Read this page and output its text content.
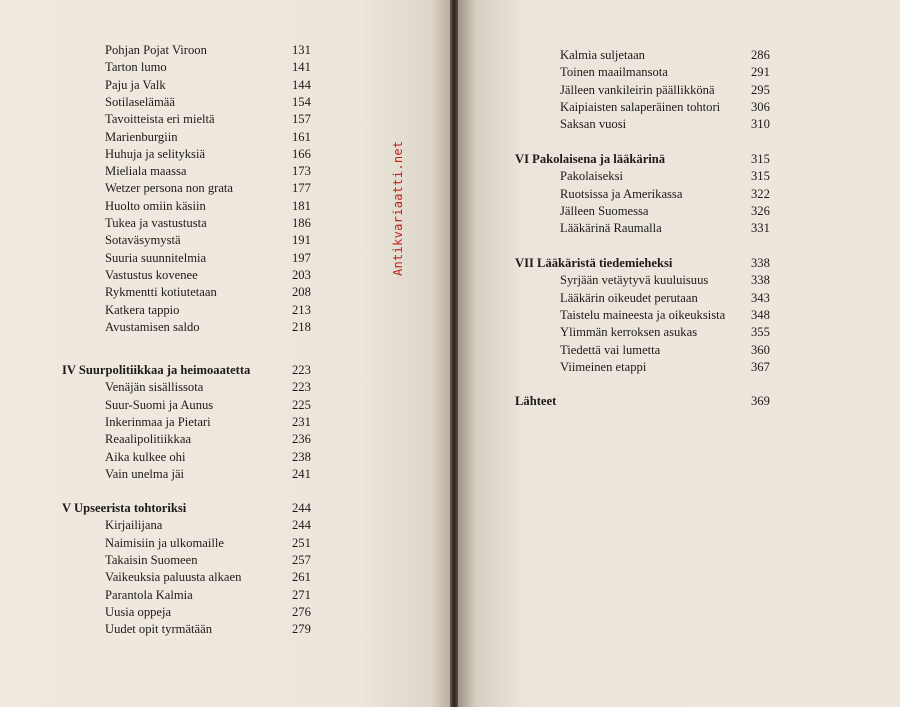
Pohjan Pojat Viroon	131
Tarton lumo	141
Paju ja Valk	144
Sotilaselämää	154
Tavoitteista eri mieltä	157
Marienburgiin	161
Huhuja ja selityksiä	166
Mieliala maassa	173
Wetzer persona non grata	177
Huolto omiin käsiin	181
Tukea ja vastustusta	186
Sotaväsymystä	191
Suuria suunnitelmia	197
Vastustus kovenee	203
Rykmentti kotiutetaan	208
Katkera tappio	213
Avustamisen saldo	218
IV Suurpolitiikkaa ja heimoaatetta	223
Venäjän sisällissota	223
Suur-Suomi ja Aunus	225
Inkerinmaa ja Pietari	231
Reaalipolitiikkaa	236
Aika kulkee ohi	238
Vain unelma jäi	241
V Upseerista tohtoriksi	244
Kirjailijana	244
Naimisiin ja ulkomaille	251
Takaisin Suomeen	257
Vaikeuksia paluusta alkaen	261
Parantola Kalmia	271
Uusia oppeja	276
Uudet opit tyrmätään	279
Kalmia suljetaan	286
Toinen maailmansota	291
Jälleen vankileirin päällikkönä	295
Kaipiaisten salaperäinen tohtori 306
Saksan vuosi	310
VI Pakolaisena ja lääkärinä	315
Pakolaiseksi	315
Ruotsissa ja Amerikassa	322
Jälleen Suomessa	326
Lääkärinä Raumalla	331
VII Lääkäristä tiedemieheksi	338
Syrjään vetäytyvä kuuluisuus	338
Lääkärin oikeudet perutaan	343
Taistelu maineesta ja oikeuksista 348
Ylimmän kerroksen asukas	355
Tiedettä vai lumetta	360
Viimeinen etappi	367
Lähteet	369
Antikvariaatti.net
